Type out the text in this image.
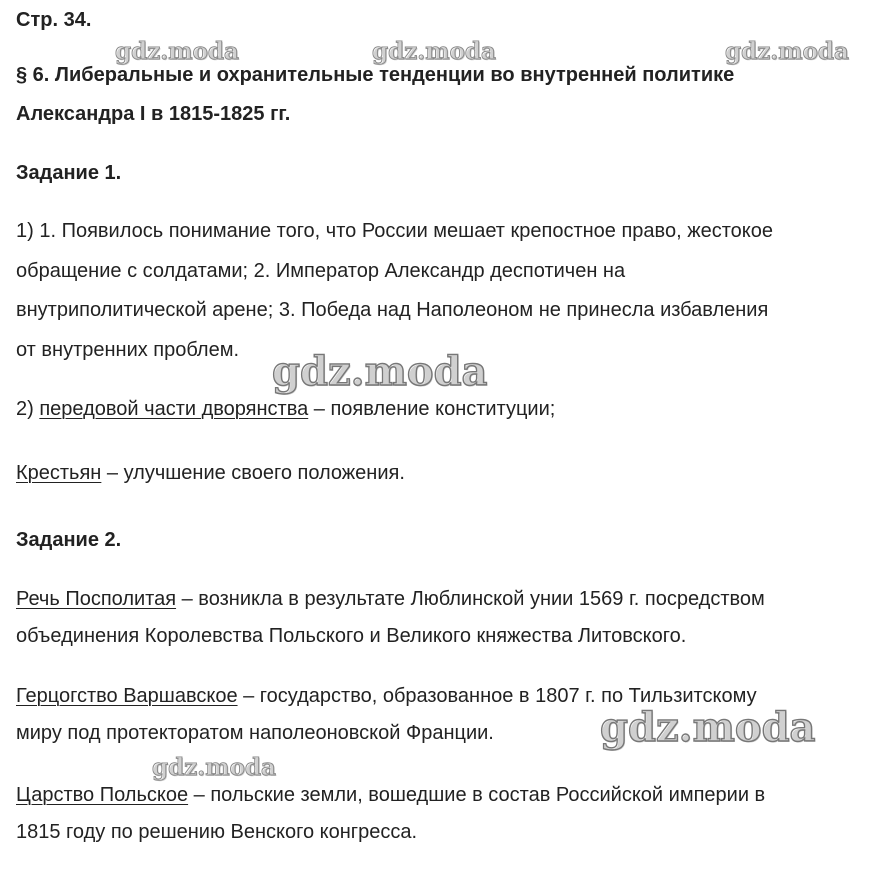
Стр. 34.
§ 6. Либеральные и охранительные тенденции во внутренней политике
Александра I в 1815-1825 гг.
Задание 1.
1) 1. Появилось понимание того, что России мешает крепостное право, жестокое
обращение с солдатами; 2. Император Александр деспотичен на
внутриполитической арене; 3. Победа над Наполеоном не принесла избавления
от внутренних проблем.
2) передовой части дворянства – появление конституции;
Крестьян – улучшение своего положения.
Задание 2.
Речь Посполитая – возникла в результате Люблинской унии 1569 г. посредством
объединения Королевства Польского и Великого княжества Литовского.
Герцогство Варшавское – государство, образованное в 1807 г. по Тильзитскому
миру под протекторатом наполеоновской Франции.
Царство Польское – польские земли, вошедшие в состав Российской империи в
1815 году по решению Венского конгресса.
gdz.moda	gdz.moda	gdz.moda
gdz.moda
gdz.moda
gdz.moda
